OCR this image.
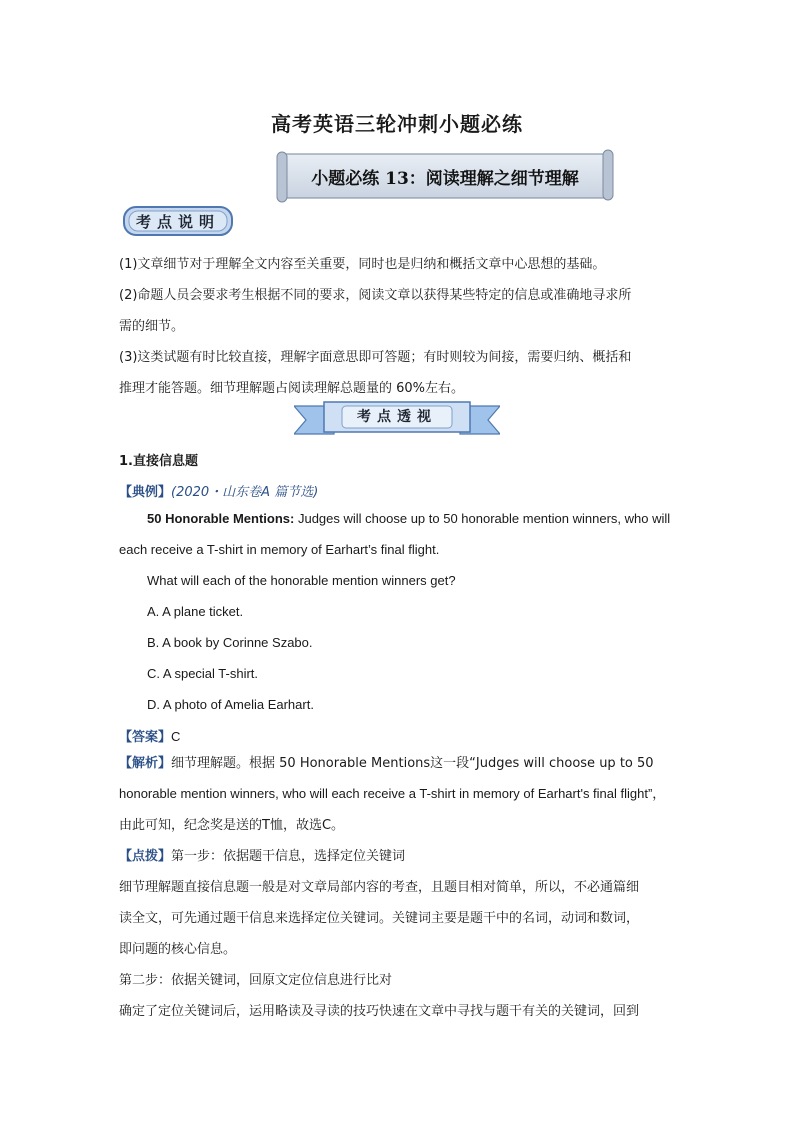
高考英语三轮冲刺小题必练
小题必练 13：阅读理解之细节理解
考点说明
(1)文章细节对于理解全文内容至关重要，同时也是归纳和概括文章中心思想的基础。
(2)命题人员会要求考生根据不同的要求，阅读文章以获得某些特定的信息或准确地寻求所
需的细节。
(3)这类试题有时比较直接，理解字面意思即可答题；有时则较为间接，需要归纳、概括和
推理才能答题。细节理解题占阅读理解总题量的 60%左右。
考点透视
1.直接信息题
【典例】(2020・山东卷A 篇节选)
50 Honorable Mentions: Judges will choose up to 50 honorable mention winners, who will
each receive a T-shirt in memory of Earhart’s final flight.
What will each of the honorable mention winners get?
A. A plane ticket.
B. A book by Corinne Szabo.
C. A special T-shirt.
D. A photo of Amelia Earhart.
【答案】C
【解析】细节理解题。根据 50 Honorable Mentions这一段“Judges will choose up to 50
honorable mention winners, who will each receive a T-shirt in memory of Earhart's final flight”，
由此可知，纪念奖是送的T恤，故选C。
【点拨】第一步：依据题干信息，选择定位关键词
细节理解题直接信息题一般是对文章局部内容的考查，且题目相对简单，所以，不必通篇细
读全文，可先通过题干信息来选择定位关键词。关键词主要是题干中的名词，动词和数词，
即问题的核心信息。
第二步：依据关键词，回原文定位信息进行比对
确定了定位关键词后，运用略读及寻读的技巧快速在文章中寻找与题干有关的关键词，回到
